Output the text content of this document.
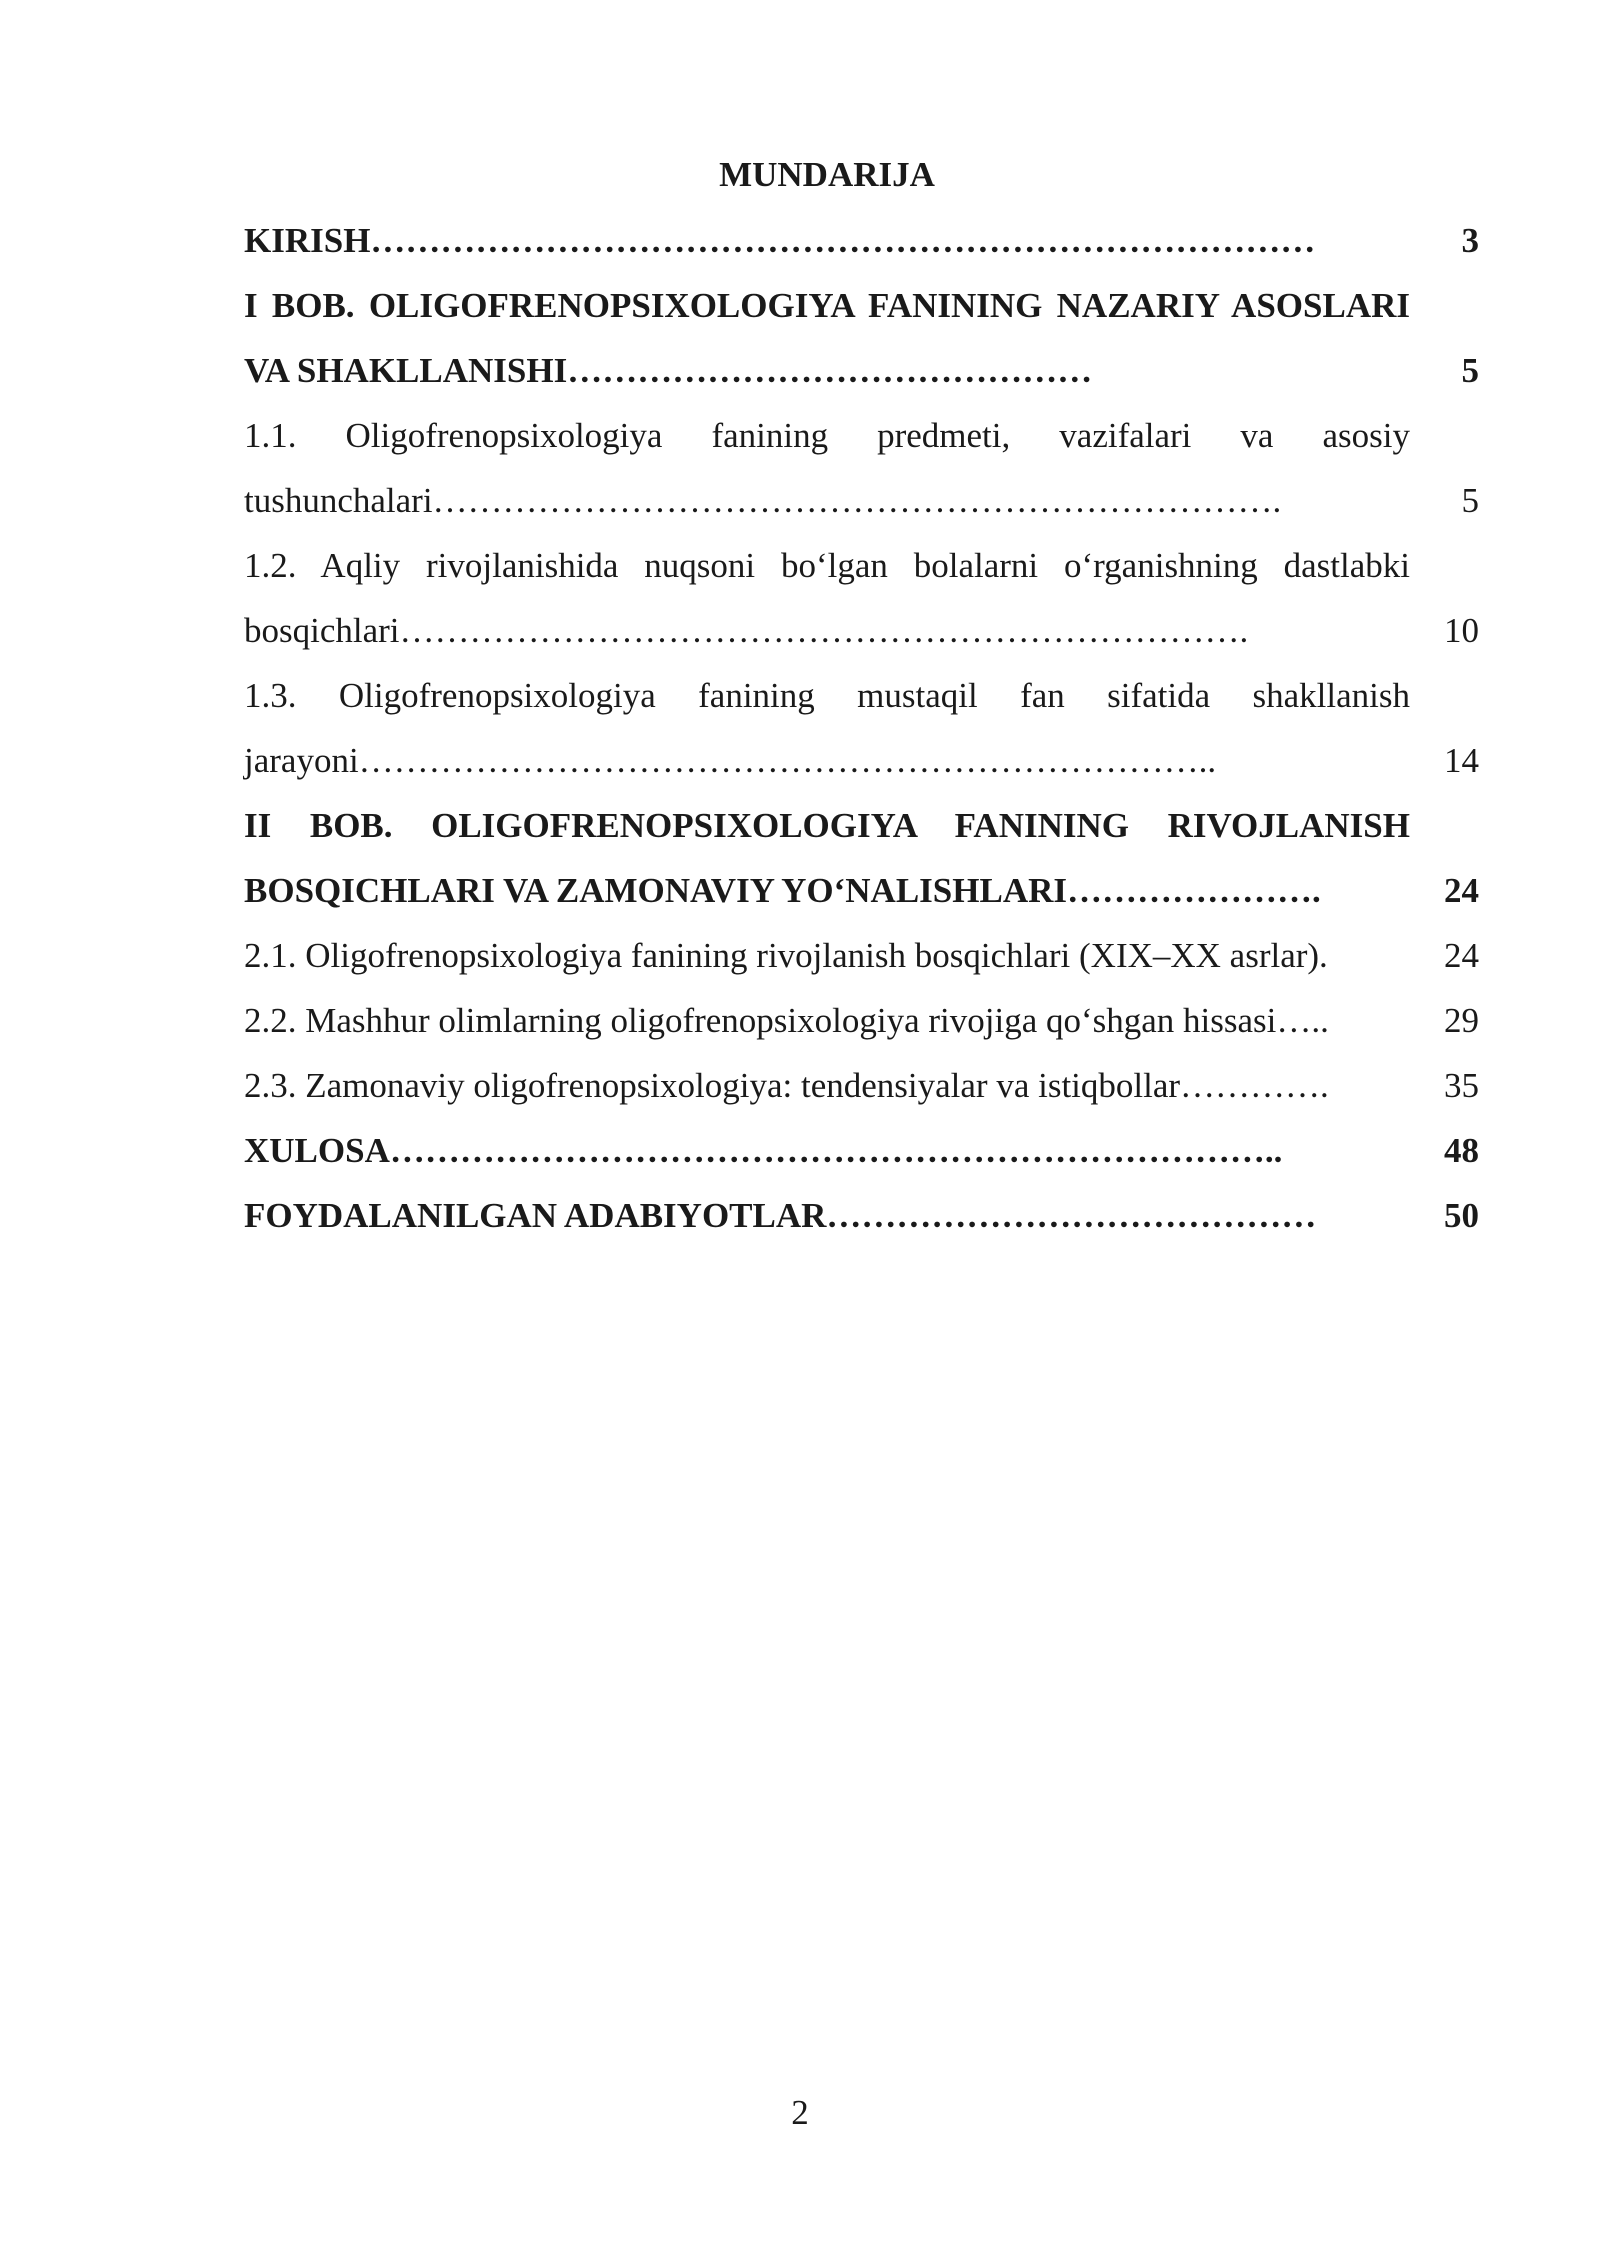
MUNDARIJA
KIRISH………………………………………………………………………	3
I BOB. OLIGOFRENOPSIXOLOGIYA FANINING NAZARIY ASOSLARI VA SHAKLLANISHI………………………………………	5
1.1. Oligofrenopsixologiya fanining predmeti, vazifalari va asosiy tushunchalari……………………………………………………………….	5
1.2. Aqliy rivojlanishida nuqsoni bo‘lgan bolalarni o‘rganishning dastlabki bosqichlari……………………………………………………………….	10
1.3. Oligofrenopsixologiya fanining mustaqil fan sifatida shakllanish jarayoni………………………………………………………………..	14
II BOB. OLIGOFRENOPSIXOLOGIYA FANINING RIVOJLANISH BOSQICHLARI VA ZAMONAVIY YO‘NALISHLARI………………….	24
2.1. Oligofrenopsixologiya fanining rivojlanish bosqichlari (XIX–XX asrlar).	24
2.2. Mashhur olimlarning oligofrenopsixologiya rivojiga qo‘shgan hissasi…..	29
2.3. Zamonaviy oligofrenopsixologiya: tendensiyalar va istiqbollar………….	35
XULOSA…………………………………………………………………..	48
FOYDALANILGAN ADABIYOTLAR……………………………………	50
2
